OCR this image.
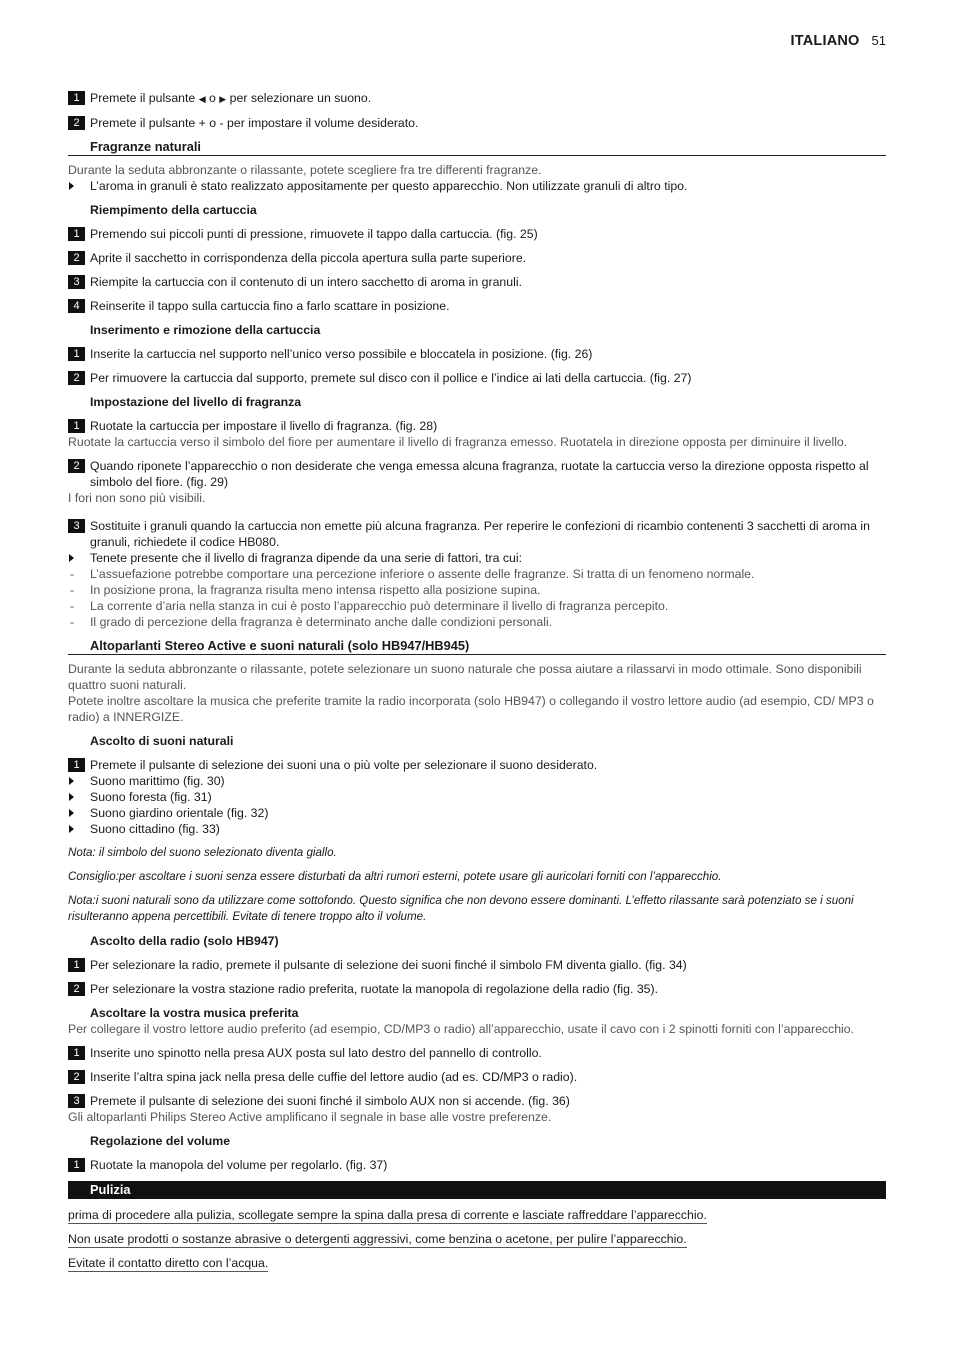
ITALIANO 51
1 Premete il pulsante ◀ o ▶ per selezionare un suono.
2 Premete il pulsante + o - per impostare il volume desiderato.
Fragranze naturali
Durante la seduta abbronzante o rilassante, potete scegliere fra tre differenti fragranze.
L’aroma in granuli è stato realizzato appositamente per questo apparecchio. Non utilizzate granuli di altro tipo.
Riempimento della cartuccia
1 Premendo sui piccoli punti di pressione, rimuovete il tappo dalla cartuccia. (fig. 25)
2 Aprite il sacchetto in corrispondenza della piccola apertura sulla parte superiore.
3 Riempite la cartuccia con il contenuto di un intero sacchetto di aroma in granuli.
4 Reinserite il tappo sulla cartuccia fino a farlo scattare in posizione.
Inserimento e rimozione della cartuccia
1 Inserite la cartuccia nel supporto nell’unico verso possibile e bloccatela in posizione. (fig. 26)
2 Per rimuovere la cartuccia dal supporto, premete sul disco con il pollice e l’indice ai lati della cartuccia. (fig. 27)
Impostazione del livello di fragranza
1 Ruotate la cartuccia per impostare il livello di fragranza. (fig. 28)
Ruotate la cartuccia verso il simbolo del fiore per aumentare il livello di fragranza emesso. Ruotatela in direzione opposta per diminuire il livello.
2 Quando riponete l’apparecchio o non desiderate che venga emessa alcuna fragranza, ruotate la cartuccia verso la direzione opposta rispetto al simbolo del fiore. (fig. 29)
I fori non sono più visibili.
3 Sostituite i granuli quando la cartuccia non emette più alcuna fragranza. Per reperire le confezioni di ricambio contenenti 3 sacchetti di aroma in granuli, richiedete il codice HB080.
Tenete presente che il livello di fragranza dipende da una serie di fattori, tra cui:
- L’assuefazione potrebbe comportare una percezione inferiore o assente delle fragranze. Si tratta di un fenomeno normale.
- In posizione prona, la fragranza risulta meno intensa rispetto alla posizione supina.
- La corrente d’aria nella stanza in cui è posto l’apparecchio può determinare il livello di fragranza percepito.
- Il grado di percezione della fragranza è determinato anche dalle condizioni personali.
Altoparlanti Stereo Active e suoni naturali (solo HB947/HB945)
Durante la seduta abbronzante o rilassante, potete selezionare un suono naturale che possa aiutare a rilassarvi in modo ottimale. Sono disponibili quattro suoni naturali.
Potete inoltre ascoltare la musica che preferite tramite la radio incorporata (solo HB947) o collegando il vostro lettore audio (ad esempio, CD/ MP3 o radio) a INNERGIZE.
Ascolto di suoni naturali
1 Premete il pulsante di selezione dei suoni una o più volte per selezionare il suono desiderato.
Suono marittimo (fig. 30)
Suono foresta (fig. 31)
Suono giardino orientale (fig. 32)
Suono cittadino (fig. 33)
Nota: il simbolo del suono selezionato diventa giallo.
Consiglio:per ascoltare i suoni senza essere disturbati da altri rumori esterni, potete usare gli auricolari forniti con l’apparecchio.
Nota:i suoni naturali sono da utilizzare come sottofondo. Questo significa che non devono essere dominanti. L’effetto rilassante sarà potenziato se i suoni risulteranno appena percettibili. Evitate di tenere troppo alto il volume.
Ascolto della radio (solo HB947)
1 Per selezionare la radio, premete il pulsante di selezione dei suoni finché il simbolo FM diventa giallo. (fig. 34)
2 Per selezionare la vostra stazione radio preferita, ruotate la manopola di regolazione della radio (fig. 35).
Ascoltare la vostra musica preferita
Per collegare il vostro lettore audio preferito (ad esempio, CD/MP3 o radio) all’apparecchio, usate il cavo con i 2 spinotti forniti con l’apparecchio.
1 Inserite uno spinotto nella presa AUX posta sul lato destro del pannello di controllo.
2 Inserite l’altra spina jack nella presa delle cuffie del lettore audio (ad es. CD/MP3 o radio).
3 Premete il pulsante di selezione dei suoni finché il simbolo AUX non si accende. (fig. 36)
Gli altoparlanti Philips Stereo Active amplificano il segnale in base alle vostre preferenze.
Regolazione del volume
1 Ruotate la manopola del volume per regolarlo. (fig. 37)
Pulizia
prima di procedere alla pulizia, scollegate sempre la spina dalla presa di corrente e lasciate raffreddare l’apparecchio.
Non usate prodotti o sostanze abrasive o detergenti aggressivi, come benzina o acetone, per pulire l’apparecchio.
Evitate il contatto diretto con l’acqua.
